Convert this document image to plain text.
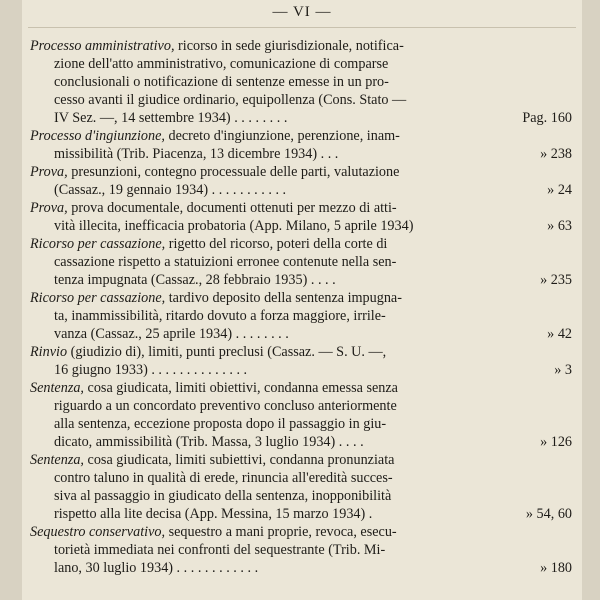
— VI —
Processo amministrativo, ricorso in sede giurisdizionale, notifica-
zione dell'atto amministrativo, comunicazione di comparse
conclusionali o notificazione di sentenze emesse in un pro-
cesso avanti il giudice ordinario, equipollenza (Cons. Stato —
IV Sez. —, 14 settembre 1934) . . . . . . . .	Pag. 160
Processo d'ingiunzione, decreto d'ingiunzione, perenzione, inam-
missibilità (Trib. Piacenza, 13 dicembre 1934) . . .	» 238
Prova, presunzioni, contegno processuale delle parti, valutazione
(Cassaz., 19 gennaio 1934) . . . . . . . . . . .	» 24
Prova, prova documentale, documenti ottenuti per mezzo di atti-
vità illecita, inefficacia probatoria (App. Milano, 5 aprile 1934)	» 63
Ricorso per cassazione, rigetto del ricorso, poteri della corte di
cassazione rispetto a statuizioni erronee contenute nella sen-
tenza impugnata (Cassaz., 28 febbraio 1935) . . . .	» 235
Ricorso per cassazione, tardivo deposito della sentenza impugna-
ta, inammissibilità, ritardo dovuto a forza maggiore, irrile-
vanza (Cassaz., 25 aprile 1934) . . . . . . . .	» 42
Rinvio (giudizio di), limiti, punti preclusi (Cassaz. — S. U. —,
16 giugno 1933) . . . . . . . . . . . . . .	» 3
Sentenza, cosa giudicata, limiti obiettivi, condanna emessa senza
riguardo a un concordato preventivo concluso anteriormente
alla sentenza, eccezione proposta dopo il passaggio in giu-
dicato, ammissibilità (Trib. Massa, 3 luglio 1934) . . . .	» 126
Sentenza, cosa giudicata, limiti subiettivi, condanna pronunziata
contro taluno in qualità di erede, rinuncia all'eredità succes-
siva al passaggio in giudicato della sentenza, inopponibilità
rispetto alla lite decisa (App. Messina, 15 marzo 1934) .	» 54, 60
Sequestro conservativo, sequestro a mani proprie, revoca, esecu-
torietà immediata nei confronti del sequestrante (Trib. Mi-
lano, 30 luglio 1934) . . . . . . . . . . . .	» 180
